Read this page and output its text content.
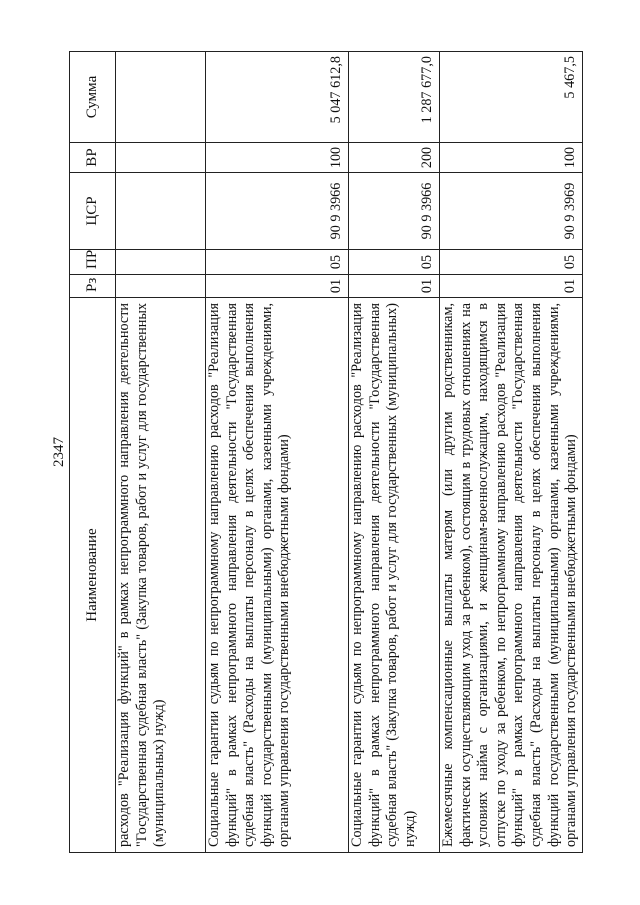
2347
Наименование	Рз	ПР	ЦСР	ВР	Сумма
расходов "Реализация функций" в рамках непрограммного направления деятельности "Государственная судебная власть" (Закупка товаров, работ и услуг для государственных (муниципальных) нужд)					
Социальные гарантии судьям по непрограммному направлению расходов "Реализация функций" в рамках непрограммного направления деятельности "Государственная судебная власть" (Расходы на выплаты персоналу в целях обеспечения выполнения функций государственными (муниципальными) органами, казенными учреждениями, органами управления государственными внебюджетными фондами)	01	05	90 9 3966	100	5 047 612,8
Социальные гарантии судьям по непрограммному направлению расходов "Реализация функций" в рамках непрограммного направления деятельности "Государственная судебная власть" (Закупка товаров, работ и услуг для государственных (муниципальных) нужд)	01	05	90 9 3966	200	1 287 677,0
Ежемесячные компенсационные выплаты матерям (или другим родственникам, фактически осуществляющим уход за ребенком), состоящим в трудовых отношениях на условиях найма с организациями, и женщинам-военнослужащим, находящимся в отпуске по уходу за ребенком, по непрограммному направлению расходов "Реализация функций" в рамках непрограммного направления деятельности "Государственная судебная власть" (Расходы на выплаты персоналу в целях обеспечения выполнения функций государственными (муниципальными) органами, казенными учреждениями, органами управления государственными внебюджетными фондами)	01	05	90 9 3969	100	5 467,5
